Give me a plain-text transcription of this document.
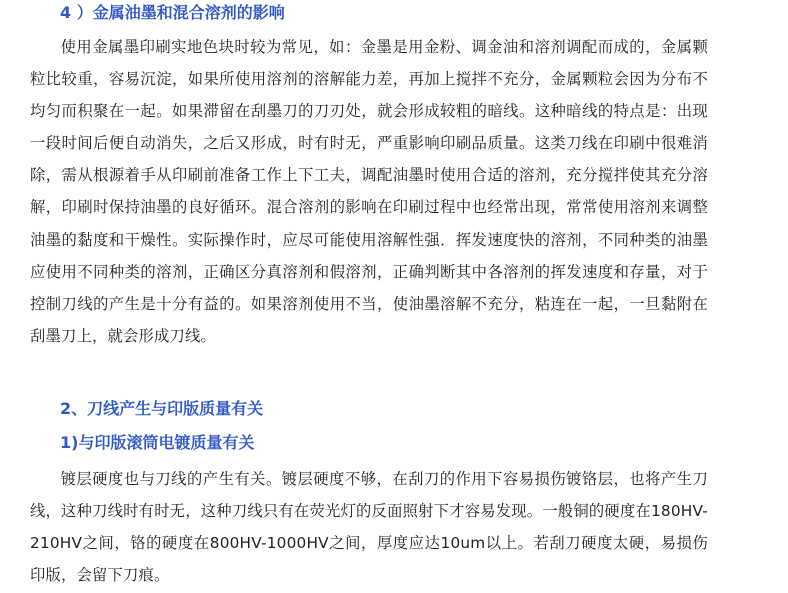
4 ）金属油墨和混合溶剂的影响

使用金属墨印刷实地色块时较为常见，如：金墨是用金粉、调金油和溶剂调配而成的，金属颗粒比较重，容易沉淀，如果所使用溶剂的溶解能力差，再加上搅拌不充分，金属颗粒会因为分布不均匀而积聚在一起。如果滞留在刮墨刀的刀刃处，就会形成较粗的暗线。这种暗线的特点是：出现一段时间后便自动消失，之后又形成，时有时无，严重影响印刷品质量。这类刀线在印刷中很难消除，需从根源着手从印刷前准备工作上下工夫，调配油墨时使用合适的溶剂，充分搅拌使其充分溶解，印刷时保持油墨的良好循环。混合溶剂的影响在印刷过程中也经常出现，常常使用溶剂来调整油墨的黏度和干燥性。实际操作时，应尽可能使用溶解性强．挥发速度快的溶剂，不同种类的油墨应使用不同种类的溶剂，正确区分真溶剂和假溶剂，正确判断其中各溶剂的挥发速度和存量，对于控制刀线的产生是十分有益的。如果溶剂使用不当，使油墨溶解不充分，粘连在一起，一旦黏附在刮墨刀上，就会形成刀线。

2、刀线产生与印版质量有关
1)与印版滚筒电镀质量有关

镀层硬度也与刀线的产生有关。镀层硬度不够，在刮刀的作用下容易损伤镀铬层，也将产生刀线，这种刀线时有时无，这种刀线只有在荧光灯的反面照射下才容易发现。一般铜的硬度在180HV-210HV之间，铬的硬度在800HV-1000HV之间，厚度应达10um以上。若刮刀硬度太硬，易损伤印版，会留下刀痕。
